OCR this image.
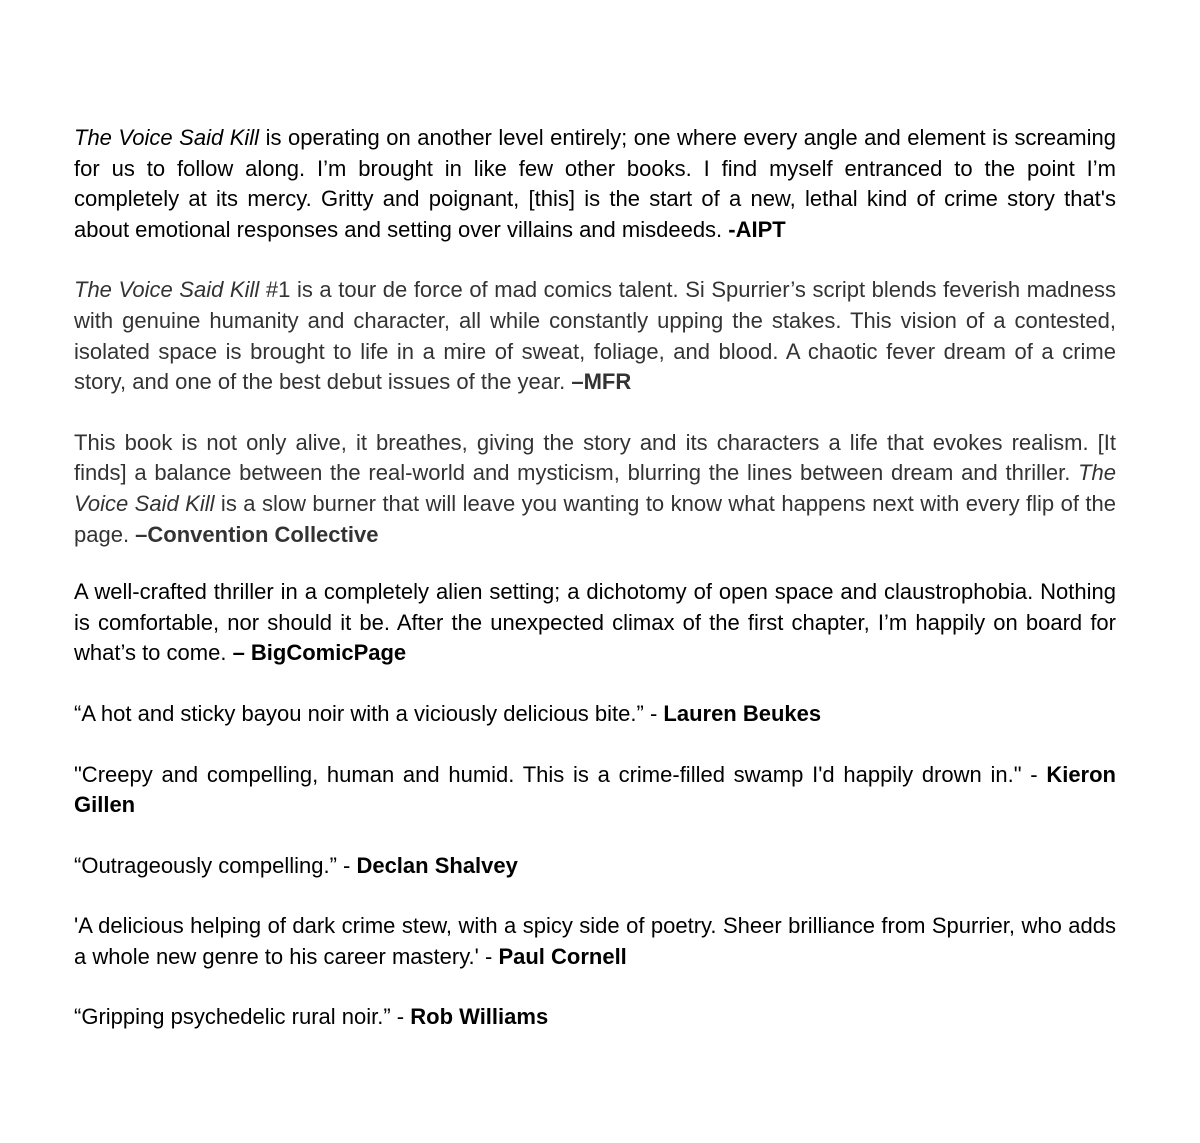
The Voice Said Kill is operating on another level entirely; one where every angle and element is screaming for us to follow along. I’m brought in like few other books. I find myself entranced to the point I’m completely at its mercy. Gritty and poignant, [this] is the start of a new, lethal kind of crime story that's about emotional responses and setting over villains and misdeeds. -AIPT

The Voice Said Kill #1 is a tour de force of mad comics talent. Si Spurrier’s script blends feverish madness with genuine humanity and character, all while constantly upping the stakes. This vision of a contested, isolated space is brought to life in a mire of sweat, foliage, and blood. A chaotic fever dream of a crime story, and one of the best debut issues of the year. –MFR

This book is not only alive, it breathes, giving the story and its characters a life that evokes realism. [It finds] a balance between the real-world and mysticism, blurring the lines between dream and thriller. The Voice Said Kill is a slow burner that will leave you wanting to know what happens next with every flip of the page. –Convention Collective

A well-crafted thriller in a completely alien setting; a dichotomy of open space and claustrophobia. Nothing is comfortable, nor should it be. After the unexpected climax of the first chapter, I’m happily on board for what’s to come. – BigComicPage

“A hot and sticky bayou noir with a viciously delicious bite.” - Lauren Beukes

"Creepy and compelling, human and humid. This is a crime-filled swamp I'd happily drown in." - Kieron Gillen

“Outrageously compelling.” - Declan Shalvey

'A delicious helping of dark crime stew, with a spicy side of poetry. Sheer brilliance from Spurrier, who adds a whole new genre to his career mastery.' - Paul Cornell

“Gripping psychedelic rural noir.” - Rob Williams
